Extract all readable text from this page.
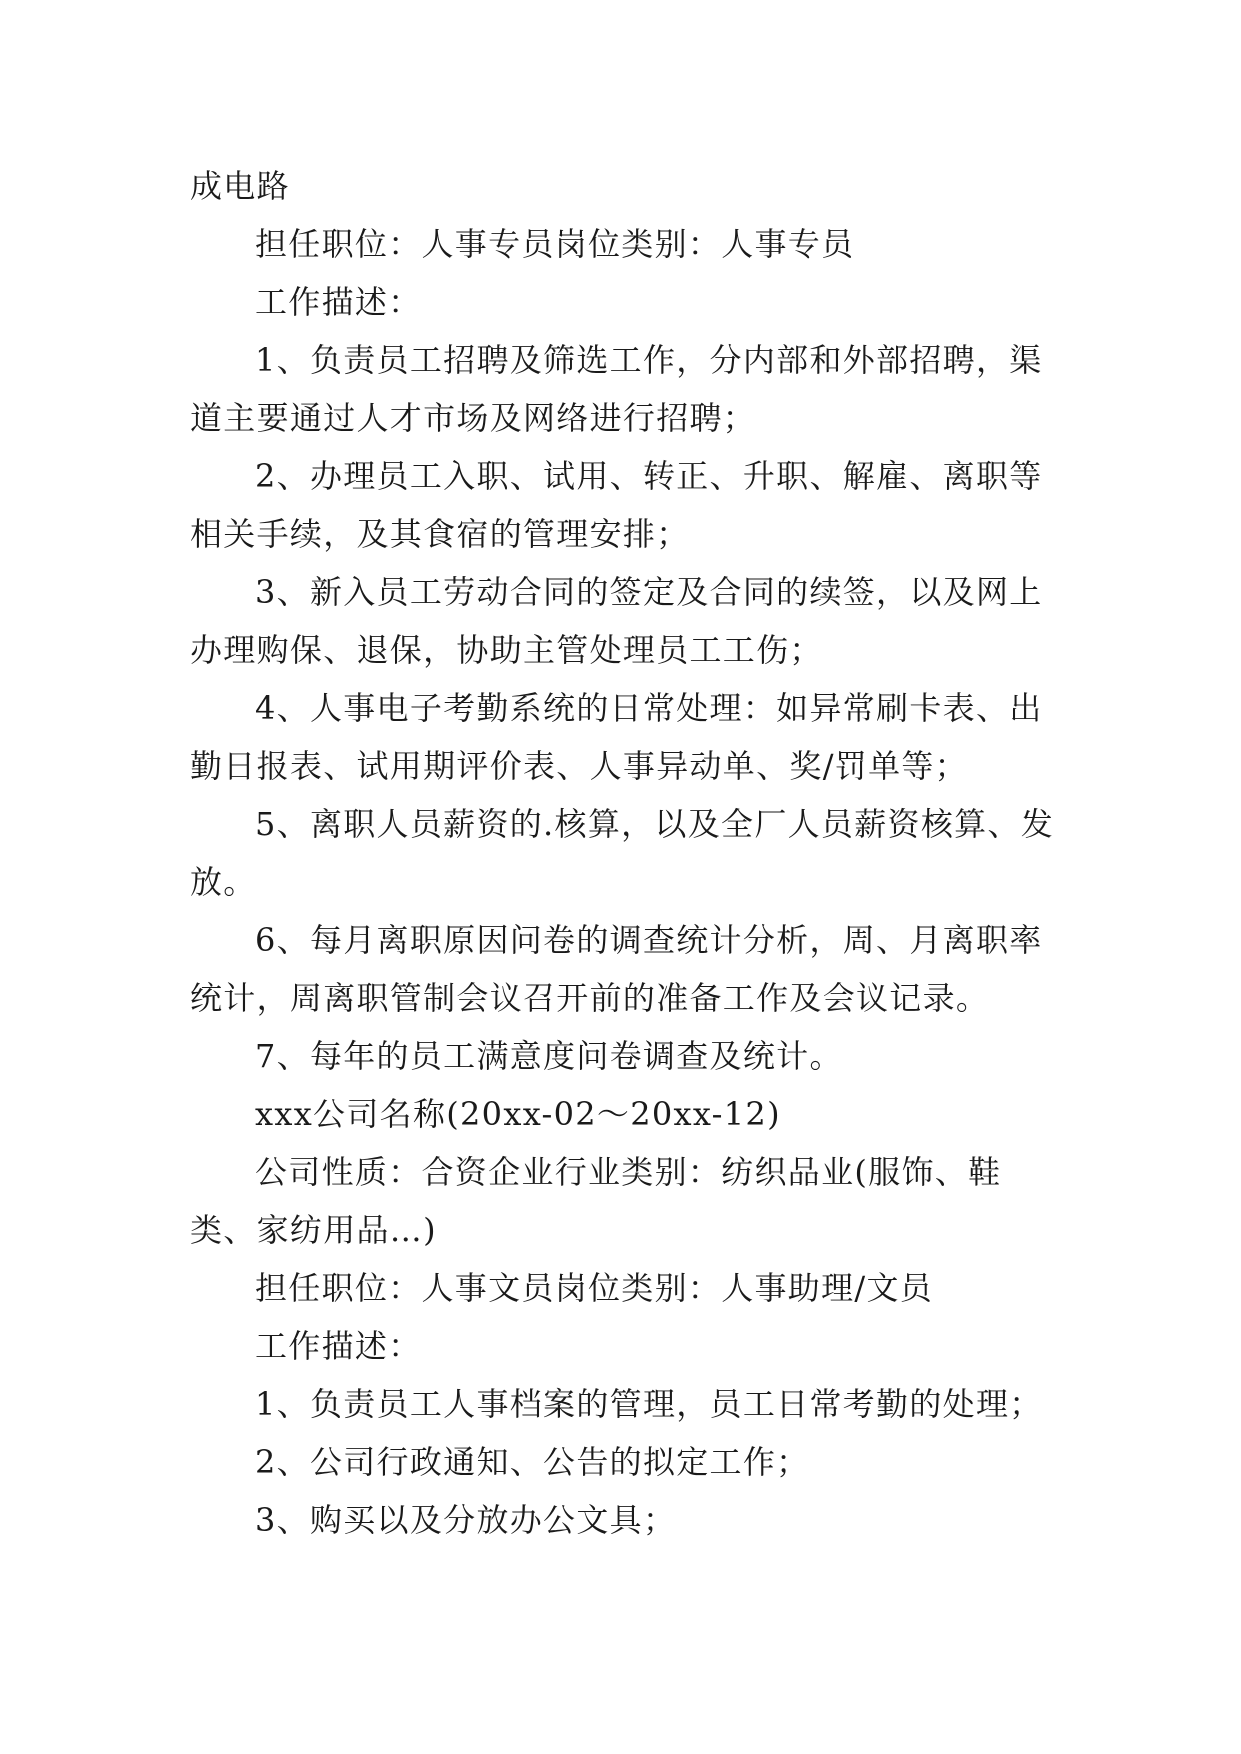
成电路

担任职位：人事专员岗位类别：人事专员

工作描述：

1、负责员工招聘及筛选工作，分内部和外部招聘，渠道主要通过人才市场及网络进行招聘；

2、办理员工入职、试用、转正、升职、解雇、离职等相关手续，及其食宿的管理安排；

3、新入员工劳动合同的签定及合同的续签，以及网上办理购保、退保，协助主管处理员工工伤；

4、人事电子考勤系统的日常处理：如异常刷卡表、出勤日报表、试用期评价表、人事异动单、奖/罚单等；

5、离职人员薪资的.核算，以及全厂人员薪资核算、发放。

6、每月离职原因问卷的调查统计分析，周、月离职率统计，周离职管制会议召开前的准备工作及会议记录。

7、每年的员工满意度问卷调查及统计。

xxx公司名称(20xx-02～20xx-12)

公司性质：合资企业行业类别：纺织品业(服饰、鞋类、家纺用品…)

担任职位：人事文员岗位类别：人事助理/文员

工作描述：

1、负责员工人事档案的管理，员工日常考勤的处理；

2、公司行政通知、公告的拟定工作；

3、购买以及分放办公文具；
